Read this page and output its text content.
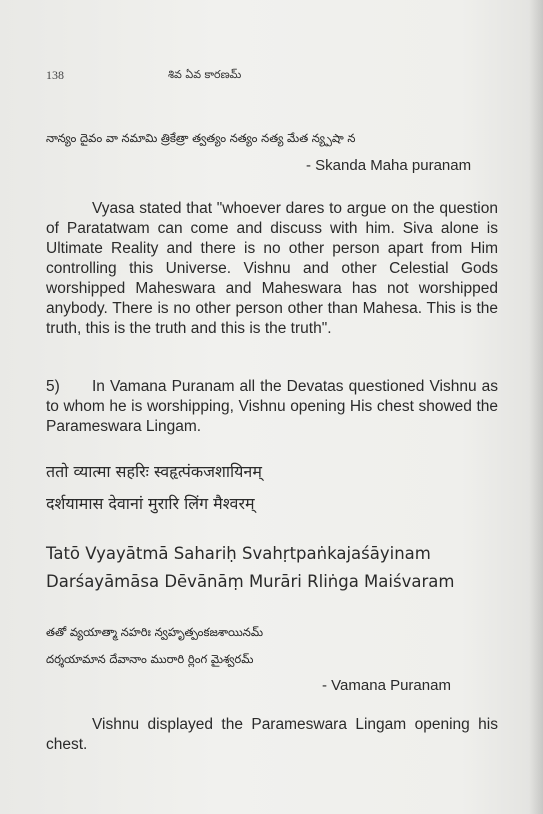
138	శివ ఏవ కారణమ్
నాన్యం దైవం వా నమామి త్రికేత్రా త్వత్యం నత్యం నత్య మేత న్య్పషా న
- Skanda Maha puranam

Vyasa stated that "whoever dares to argue on the question of Paratatwam can come and discuss with him. Siva alone is Ultimate Reality and there is no other person apart from Him controlling this Universe. Vishnu and other Celestial Gods worshipped Maheswara and Maheswara has not worshipped anybody. There is no other person other than Mahesa. This is the truth, this is the truth and this is the truth".

5) In Vamana Puranam all the Devatas questioned Vishnu as to whom he is worshipping, Vishnu opening His chest showed the Parameswara Lingam.
ततो व्यात्मा सहरिः स्वहृत्पंकजशायिनम्
दर्शयामास देवानां मुरारि लिंग मैश्वरम्
Tatō Vyayātmā Sahariḥ Svahṛtpaṅkajaśāyinam
Darśayāmāsa Dēvānāṃ Murāri Rliṅga Maiśvaram
తతో వ్యయాత్మా నహరిః న్వహృత్పంకజశాయినమ్
దర్శయామాన దేవానాం మురారి ర్లింగ మైశ్వరమ్
- Vamana Puranam

Vishnu displayed the Parameswara Lingam opening his chest.
